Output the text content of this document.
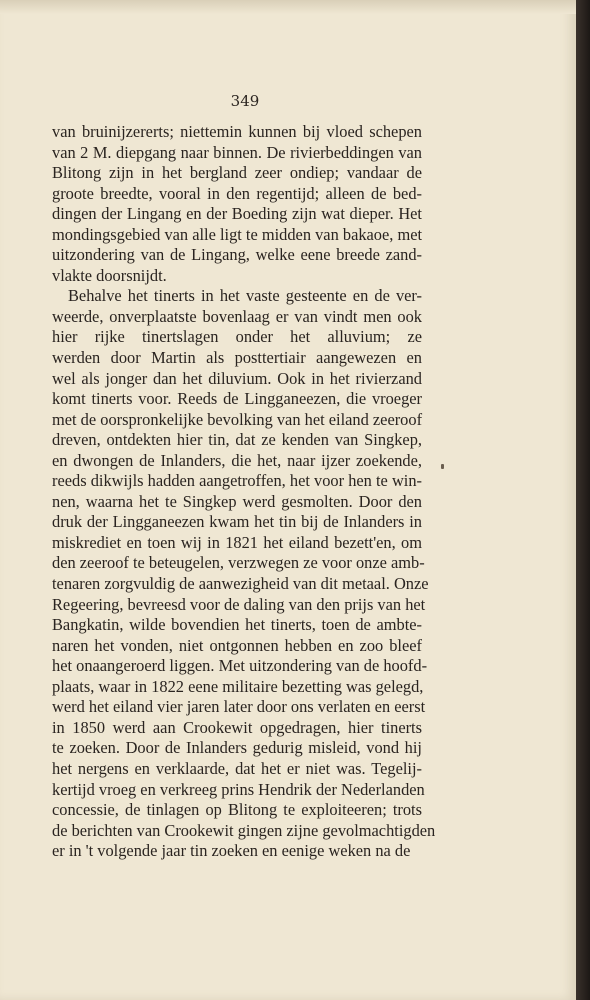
349
van bruinijzererts; niettemin kunnen bij vloed schepen
van 2 M. diepgang naar binnen. De rivierbeddingen van
Blitong zijn in het bergland zeer ondiep; vandaar de
groote breedte, vooral in den regentijd; alleen de bed-
dingen der Lingang en der Boeding zijn wat dieper. Het
mondingsgebied van alle ligt te midden van bakaoe, met
uitzondering van de Lingang, welke eene breede zand-
vlakte doorsnijdt.
Behalve het tinerts in het vaste gesteente en de ver-
weerde, onverplaatste bovenlaag er van vindt men ook
hier rijke tinertslagen onder het alluvium; ze
werden door Martin als posttertiair aangewezen en
wel als jonger dan het diluvium. Ook in het rivierzand
komt tinerts voor. Reeds de Lingganeezen, die vroeger
met de oorspronkelijke bevolking van het eiland zeeroof
dreven, ontdekten hier tin, dat ze kenden van Singkep,
en dwongen de Inlanders, die het, naar ijzer zoekende,
reeds dikwijls hadden aangetroffen, het voor hen te win-
nen, waarna het te Singkep werd gesmolten. Door den
druk der Lingganeezen kwam het tin bij de Inlanders in
miskrediet en toen wij in 1821 het eiland bezett'en, om
den zeeroof te beteugelen, verzwegen ze voor onze amb-
tenaren zorgvuldig de aanwezigheid van dit metaal. Onze
Regeering, bevreesd voor de daling van den prijs van het
Bangkatin, wilde bovendien het tinerts, toen de ambte-
naren het vonden, niet ontgonnen hebben en zoo bleef
het onaangeroerd liggen. Met uitzondering van de hoofd-
plaats, waar in 1822 eene militaire bezetting was gelegd,
werd het eiland vier jaren later door ons verlaten en eerst
in 1850 werd aan Crookewit opgedragen, hier tinerts
te zoeken. Door de Inlanders gedurig misleid, vond hij
het nergens en verklaarde, dat het er niet was. Tegelij-
kertijd vroeg en verkreeg prins Hendrik der Nederlanden
concessie, de tinlagen op Blitong te exploiteeren; trots
de berichten van Crookewit gingen zijne gevolmachtigden
er in 't volgende jaar tin zoeken en eenige weken na de
